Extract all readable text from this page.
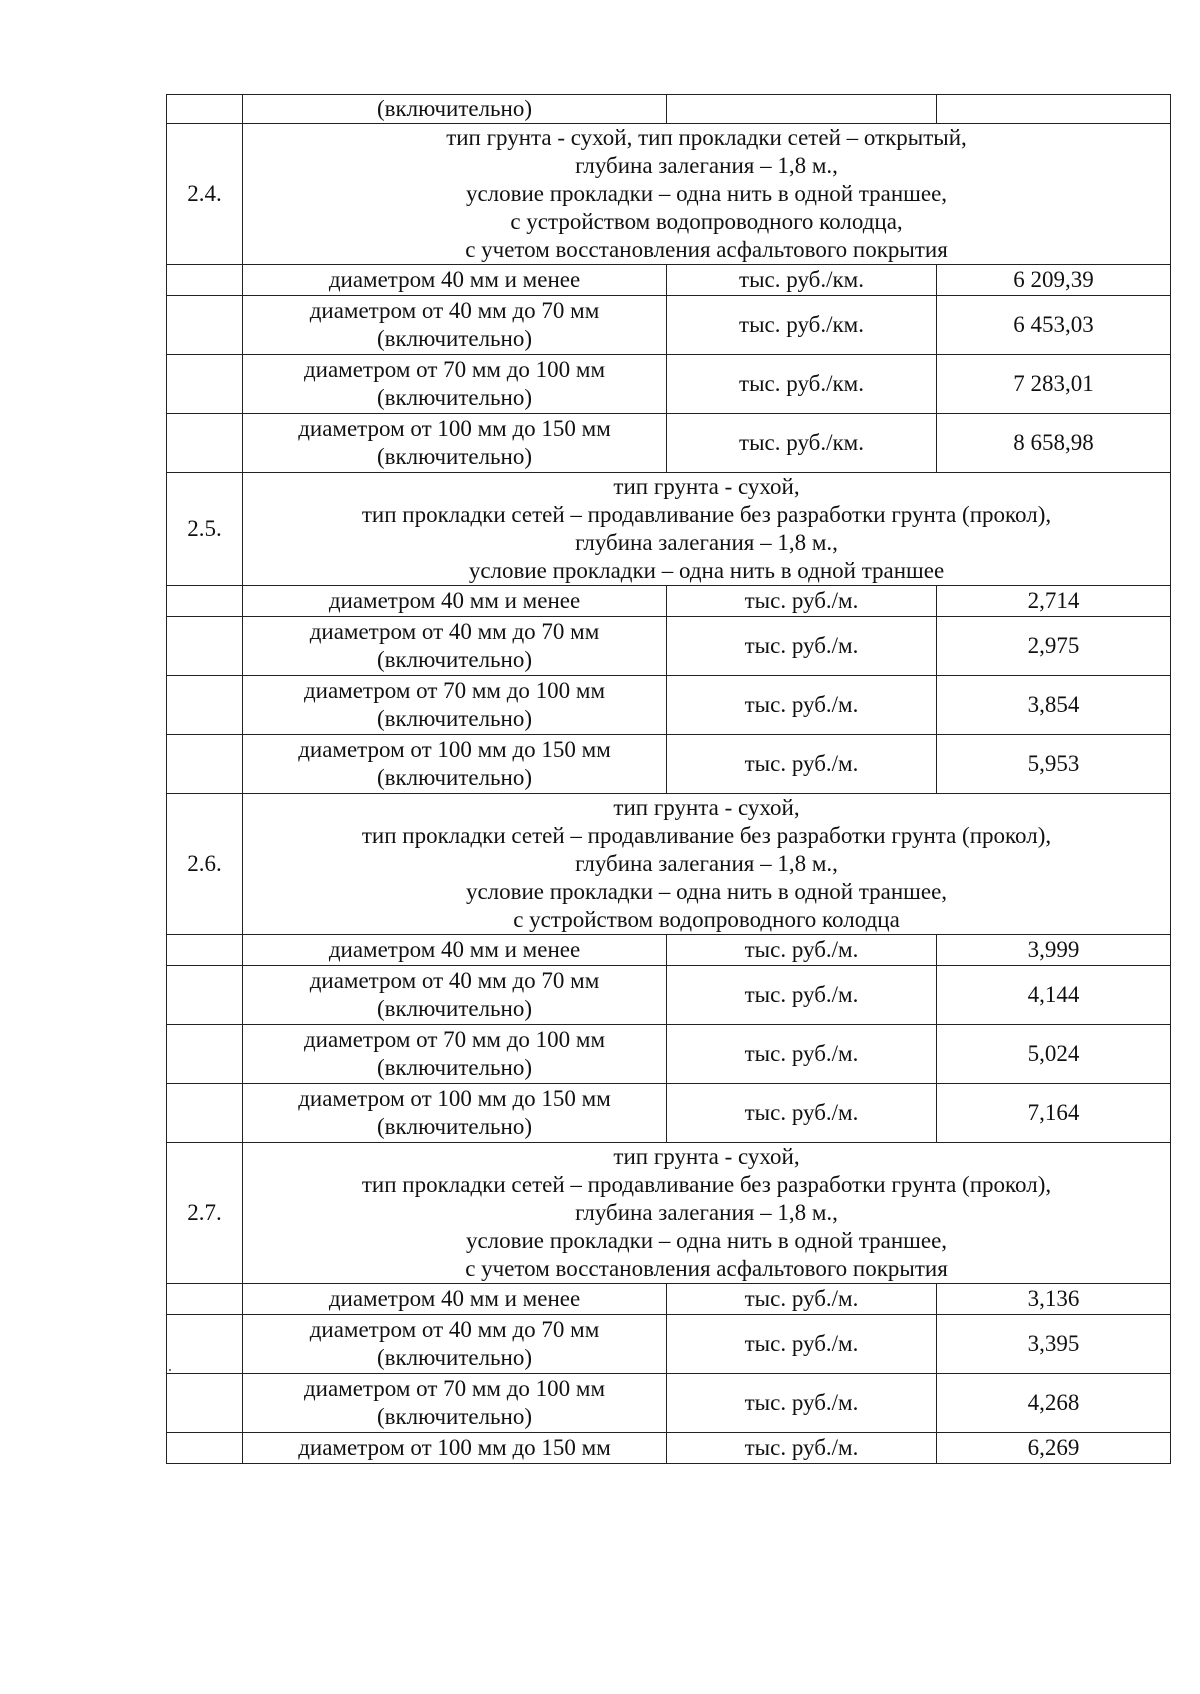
	(включительно)		
2.4.	тип грунта - сухой, тип прокладки сетей – открытый,
глубина залегания – 1,8 м.,
условие прокладки – одна нить в одной траншее,
с устройством водопроводного колодца,
с учетом восстановления асфальтового покрытия		

	диаметром 40 мм и менее	тыс. руб./км.	6 209,39

	диаметром от 40 мм до 70 мм
(включительно)	тыс. руб./км.	6 453,03

	диаметром от 70 мм до 100 мм
(включительно)	тыс. руб./км.	7 283,01

	диаметром от 100 мм до 150 мм
(включительно)	тыс. руб./км.	8 658,98
2.5.	тип грунта - сухой,
тип прокладки сетей – продавливание без разработки грунта (прокол),
глубина залегания – 1,8 м.,
условие прокладки – одна нить в одной траншее		

	диаметром 40 мм и менее	тыс. руб./м.	2,714

	диаметром от 40 мм до 70 мм
(включительно)	тыс. руб./м.	2,975

	диаметром от 70 мм до 100 мм
(включительно)	тыс. руб./м.	3,854

	диаметром от 100 мм до 150 мм
(включительно)	тыс. руб./м.	5,953
2.6.	тип грунта - сухой,
тип прокладки сетей – продавливание без разработки грунта (прокол),
глубина залегания – 1,8 м.,
условие прокладки – одна нить в одной траншее,
с устройством водопроводного колодца		

	диаметром 40 мм и менее	тыс. руб./м.	3,999

	диаметром от 40 мм до 70 мм
(включительно)	тыс. руб./м.	4,144

	диаметром от 70 мм до 100 мм
(включительно)	тыс. руб./м.	5,024

	диаметром от 100 мм до 150 мм
(включительно)	тыс. руб./м.	7,164
2.7.	тип грунта - сухой,
тип прокладки сетей – продавливание без разработки грунта (прокол),
глубина залегания – 1,8 м.,
условие прокладки – одна нить в одной траншее,
с учетом восстановления асфальтового покрытия		

	диаметром 40 мм и менее	тыс. руб./м.	3,136

	диаметром от 40 мм до 70 мм
(включительно)	тыс. руб./м.	3,395

	диаметром от 70 мм до 100 мм
(включительно)	тыс. руб./м.	4,268

	диаметром от 100 мм до 150 мм	тыс. руб./м.	6,269
